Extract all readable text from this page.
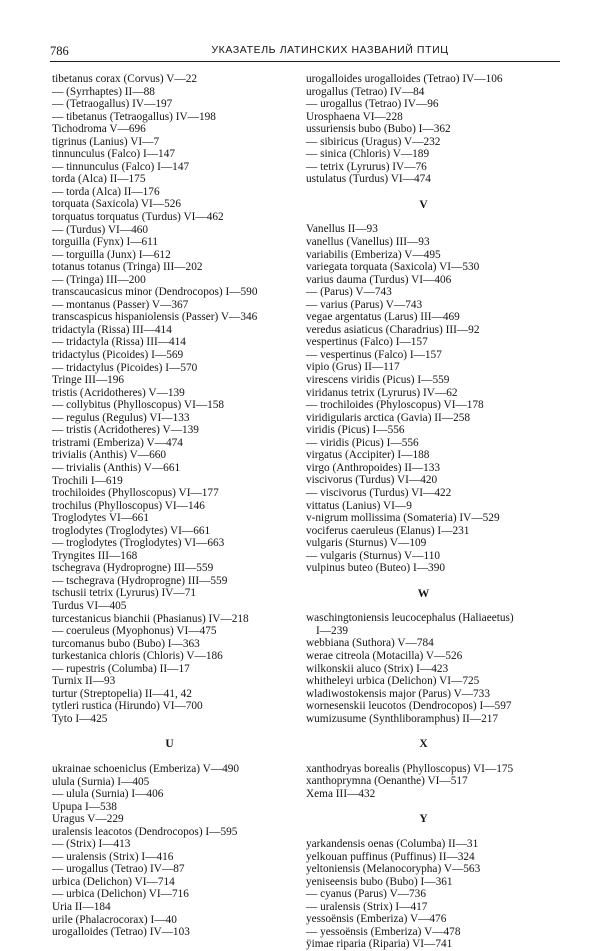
786	УКАЗАТЕЛЬ ЛАТИНСКИХ НАЗВАНИЙ ПТИЦ
tibetanus corax (Corvus) V—22
— (Syrrhaptes) II—88
— (Tetraogallus) IV—197
— tibetanus (Tetraogallus) IV—198
Tichodroma V—696
tigrinus (Lanius) VI—7
tinnunculus (Falco) I—147
— tinnunculus (Falco) I—147
torda (Alca) II—175
— torda (Alca) II—176
torquata (Saxicola) VI—526
torquatus torquatus (Turdus) VI—462
— (Turdus) VI—460
torguilla (Fynx) I—611
— torguilla (Junx) I—612
totanus totanus (Tringa) III—202
— (Tringa) III—200
transcaucasicus minor (Dendrocopos) I—590
— montanus (Passer) V—367
transcaspicus hispaniolensis (Passer) V—346
tridactyla (Rissa) III—414
— tridactyla (Rissa) III—414
tridactylus (Picoides) I—569
— tridactylus (Picoides) I—570
Tringe III—196
tristis (Acridotheres) V—139
— collybitus (Phylloscopus) VI—158
— regulus (Regulus) VI—133
— tristis (Acridotheres) V—139
tristrami (Emberiza) V—474
trivialis (Anthis) V—660
— trivialis (Anthis) V—661
Trochili I—619
trochiloides (Phylloscopus) VI—177
trochilus (Phylloscopus) VI—146
Troglodytes VI—661
troglodytes (Troglodytes) VI—661
— troglodytes (Troglodytes) VI—663
Tryngites III—168
tschegrava (Hydroprogne) III—559
— tschegrava (Hydroprogne) III—559
tschusii tetrix (Lyrurus) IV—71
Turdus VI—405
turcestanicus bianchii (Phasianus) IV—218
— coeruleus (Myophonus) VI—475
turcomanus bubo (Bubo) I—363
turkestanica chloris (Chloris) V—186
— rupestris (Columba) II—17
Turnix II—93
turtur (Streptopelia) II—41, 42
tytleri rustica (Hirundo) VI—700
Tyto I—425
U
ukrainae schoeniclus (Emberiza) V—490
ulula (Surnia) I—405
— ulula (Surnia) I—406
Upupa I—538
Uragus V—229
uralensis leacotos (Dendrocopos) I—595
— (Strix) I—413
— uralensis (Strix) I—416
— urogallus (Tetrao) IV—87
urbica (Delichon) VI—714
— urbica (Delichon) VI—716
Uria II—184
urile (Phalacrocorax) I—40
urogalloides (Tetrao) IV—103
urogalloides urogalloides (Tetrao) IV—106
urogallus (Tetrao) IV—84
— urogallus (Tetrao) IV—96
Urosphaena VI—228
ussuriensis bubo (Bubo) I—362
— sibiricus (Uragus) V—232
— sinica (Chloris) V—189
— tetrix (Lyrurus) IV—76
ustulatus (Turdus) VI—474
V
Vanellus II—93
vanellus (Vanellus) III—93
variabilis (Emberiza) V—495
variegata torquata (Saxicola) VI—530
varius dauma (Turdus) VI—406
— (Parus) V—743
— varius (Parus) V—743
vegae argentatus (Larus) III—469
veredus asiaticus (Charadrius) III—92
vespertinus (Falco) I—157
— vespertinus (Falco) I—157
vipio (Grus) II—117
virescens viridis (Picus) I—559
viridanus tetrix (Lyrurus) IV—62
— trochiloides (Phyloscopus) VI—178
viridigularis arctica (Gavia) II—258
viridis (Picus) I—556
— viridis (Picus) I—556
virgatus (Accipiter) I—188
virgo (Anthropoides) II—133
viscivorus (Turdus) VI—420
— viscivorus (Turdus) VI—422
vittatus (Lanius) VI—9
v-nigrum mollissima (Somateria) IV—529
vociferus caeruleus (Elanus) I—231
vulgaris (Sturnus) V—109
— vulgaris (Sturnus) V—110
vulpinus buteo (Buteo) I—390
W
waschingtoniensis leucocephalus (Haliaeetus)
I—239
webbiana (Suthora) V—784
werae citreola (Motacilla) V—526
wilkonskii aluco (Strix) I—423
whitheleyi urbica (Delichon) VI—725
wladiwostokensis major (Parus) V—733
wornesenskii leucotos (Dendrocopos) I—597
wumizusume (Synthliboramphus) II—217
X
xanthodryas borealis (Phylloscopus) VI—175
xanthoprymna (Oenanthe) VI—517
Xema III—432
Y
yarkandensis oenas (Columba) II—31
yelkouan puffinus (Puffinus) II—324
yeltoniensis (Melanocorypha) V—563
yeniseensis bubo (Bubo) I—361
— cyanus (Parus) V—736
— uralensis (Strix) I—417
yessoënsis (Emberiza) V—476
— yessoënsis (Emberiza) V—478
ÿimae riparia (Riparia) VI—741
